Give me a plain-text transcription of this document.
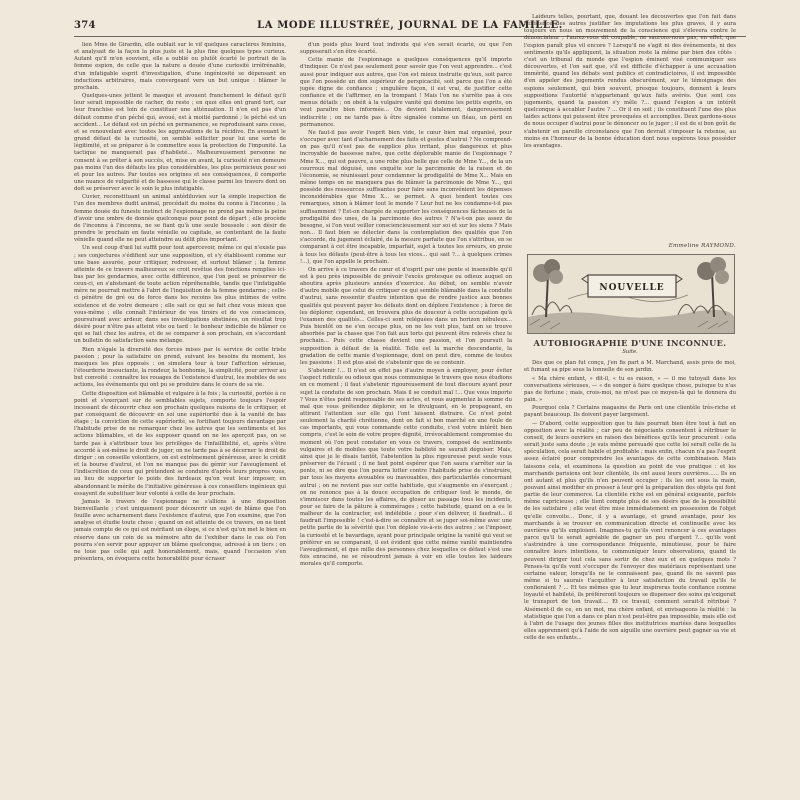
374	LA MODE ILLUSTRÉE, JOURNAL DE LA FAMILLE.

lien Mme de Girardin, elle oublait sur le vif quelques caractères féminins, et analysait de la façon la plus juste et la plus fine quelques types curieux. Autant qu'il m'en souvient, elle a oublié ou plutôt écarté le portrait de la femme espion, de celle que la nature a douée d'une curiosité irréfrénable, d'un infatigable esprit d'investigation, d'une ingéniosité se dépensant en inductions arbitraires, mais convergeant vers un but unique : blâmer le prochain.

Quelques-unes jettent le masque et avouent franchement le défaut qu'il leur serait impossible de cacher, du reste ; en quoi elles ont grand tort, car leur franchise est loin de constituer une atténuation. Il n'en est pas d'un défaut comme d'un péché qui, avoué, est à moitié pardonné ; le péché est un accident... Le défaut est un péché en permanence, se reproduisant sans cesse, et se renouvelant avec toutes les aggravations de la récidive. En avouant le grand défaut de la curiosité, on semble solliciter pour lui une sorte de légitimité, et se préparer à le commettre sous la protection de l'impunité. La tactique ne manquerait pas d'habileté... Malheureusement personne ne consent à se prêter à son succès, et, mise en avant, la curiosité n'en demeure pas moins l'un des défauts les plus considérables, les plus pernicieux pour soi et pour les autres. Par toutes ses origines et ses conséquences, il comporte une nuance de vulgarité et de bassesse qui le classe parmi les travers dont on doit se préserver avec le soin le plus infatigable.

Cuvier, reconstituant un animal antédiluvien sur la simple inspection de l'un des membres dudit animal, procédait du moins du connu à l'inconnu ; la femme douée du funeste instinct de l'espionnage ne prend pas même la peine d'avoir une ombre de donnée quelconque pour point de départ ; elle procède de l'inconnu à l'inconnu, ne se fiant qu'à une seule boussole : son désir de prendre le prochain en faute vénielle ou capitale, se contentant de la faute vénielle quand elle ne peut atteindre au délit plus important.

Un seul coup d'œil lui suffit pour tout apercevoir, même ce qui n'existe pas ; ses conjectures s'édifient sur une supposition, et s'y établissent comme sur une base assurée, pour critiquer, redresser, et surtout blâmer ; la femme atteinte de ce travers malheureux se croit revêtue des fonctions remplies ici-bas par les gendarmes, avec cette différence, que l'on peut se préserver de ceux-ci, en s'abstenant de toute action répréhensible, tandis que l'infatigable mère ne pourrait mettre à l'abri de l'inquisition de la femme gendarme ; celle-ci pénètre de gré ou de force dans les recoins les plus intimes de votre existence et de votre demeure ; elle sait ce qui se fait chez vous mieux que vous-même ; elle connaît l'intérieur de vos tiroirs et de vos consciences, poursuivant avec ardeur, dans ses investigations obstinées, un résultat trop désiré pour n'être pas atteint vite ou tard : le bonheur indicible de blâmer ce qui se fait chez les autres, et de se comparer à son prochain, en s'accordant un bulletin de satisfaction sans mélange.

Rien n'égale la diversité des forces mises par le service de cette triste passion ; pour la satisfaire on prend, suivant les besoins du moment, les masques les plus opposés : on simulera tour à tour l'affection sérieuse, l'étourderie insouciante, la rondeur, la bonhomie, la simplicité, pour arriver au but convoité : connaître les rouages de l'existence d'autrui, les mobiles de ses actions, les événements qui ont pu se produire dans le cours de sa vie.

Cette disposition est blâmable et vulgaire à la fois ; la curiosité, portée à ce point et s'exerçant sur de semblables sujets, comporte toujours l'espoir incessant de découvrir chez son prochain quelques raisons de le critiquer, et par conséquent de découvrir en soi une supériorité due à la vanité de bas étage ; la conviction de cette supériorité, se fortifiant toujours davantage par l'habitude prise de ne remarquer chez les autres que les sentiments et les actions blâmables, et de les supposer quand on ne les aperçoit pas, on se tarde pas à s'attribuer tous les privilèges de l'infaillibilité, et, après s'être accordé à soi-même le droit de juger, on ne tarde pas à se décerner le droit de diriger ; on conseille volontiers, on est extrêmement généreuse, avec le crédit et la bourse d'autrui, et l'on ne manque pas de gémir sur l'aveuglement et l'indiscrétion de ceux qui prétendent se conduire d'après leurs propres vues, au lieu de supporter le poids des fardeaux qu'on veut leur imposer, en abandonnant le mérite de l'initiative généreuse à ces conseillers ingénieux qui essayent de substituer leur volonté à celle de leur prochain.

Jamais le travers de l'espionnage ne s'allions à une disposition bienveillante ; c'est uniquement pour découvrir un sujet de blâme que l'on fouille avec acharnement dans l'existence d'autrui, que l'on examine, que l'on analyse et étudie toute chose ; quand on est atteinte de ce travers, on ne tient jamais compte de ce qui est méritant un éloge, si ce n'est qu'on met le bien en réserve dans un coin de sa mémoire afin de l'exhiber dans le cas où l'on pourra s'en servir pour appuyer un blâme quelconque, adressé à un tiers ; on ne loue pas celle qui agit honorablement, mais, quand l'occasion s'en présentera, on évoquera cette honorabilité pour écraser

d'un poids plus lourd tout individu qui s'en serait écarté, ou que l'on supposerait s'en être écarté.

Cette manie de l'espionnage a quelques conséquences qu'il importe d'indiquer. Ce n'est pas seulement pour savoir que l'on veut apprendre... c'est aussi pour indiquer aux autres, que l'on est mieux instruite qu'eux, soit parce que l'on possède un don supérieur de perspicacité, soit parce que l'on a été jugée digne de confiance ; singulière façon, il est vrai, de justifier cette confiance et de l'affirmer, en la trompant ! Mais l'on ne s'arrête pas à ces menus détails ; on obéit à la vulgaire vanité qui domine les petits esprits, on veut paraître bien informée... On devient fatalement, dangereusement indiscrète ; on ne tarde pas à être signalée comme un fléau, un péril en permanence.

Ne faut-il pas avoir l'esprit bien vide, le cœur bien mal organisé, pour s'occuper avec tant d'acharnement des faits et gestes d'autrui ? Ne comprend-on pas qu'il n'est pas de supplice plus irritant, plus dangereux et plus incroyable de bassesse naïve, que cette déplorable manie de l'espionnage ? Mme X..., qui est pauvre, a une robe plus belle que celle de Mme Y..., de la un courroux mal déguisé, une enquête sur la parcimonie de la raison et de l'économie, se réunissant pour condamner la prodigalité de Mme X... Mais en même temps on ne manquera pas de blâmer la parcimonie de Mme Y..., qui possède des ressources suffisantes pour faire sans inconvénient les dépenses inconsidérables que Mme X... se permet. A quoi tendent toutes ces remarques, sinon à blâmer tout le monde ? Leur but ne les condamne-t-il pas suffisamment ? Est-on chargée de supporter les conséquences fâcheuses de la prodigalité des unes, de la parcimonie des autres ? N'a-t-on pas assez de besogne, si l'on veut veiller consciencieusement sur soi et sur les siens ? Mais non... Il faut bien se délecter dans la contemplation des qualités que l'on s'accorde, du jugement éclairé, de la mesure parfaite que l'on s'attribue, en se comparant à cet être incapable, imparfait, sujet à toutes les erreurs, en proie à tous les défauts (peut-être à tous les vices... qui sait ?... à quelques crimes !...), que l'on appelle le prochain.

On arrive à ce travers de cœur et d'esprit par une pente si insensible qu'il est à peu près impossible de prévoir l'excès grotesque ou odieux auquel on aboutira après plusieurs années d'exercice. Au début, on semble n'avoir d'autre mobile que celui de critiquer ce qui semble blâmable dans la conduite d'autrui, sans ressentir d'autre intention que de rendre justice aux bonnes qualités qui peuvent payer les défauts dont on déplore l'existence ; à force de les déplorer, cependant, on trouvera plus de douceur à cette occupation qu'à l'examen des qualités... Celles-ci sont reléguées dans un horizon nébuleux... Puis bientôt on ne s'en occupe plus, on ne les voit plus, tant on se trouve absorbée par la chasse que l'on fait aux torts qui peuvent être relevés chez le prochain... Puis cette chasse devient une passion, et l'on poursuit la supposition à défaut de la réalité. Telle est la marche descendante, la gradation de cette manie d'espionnage, dont on peut dire, comme de toutes les passions : Il est plus aisé de s'abstenir que de se contenir.

S'abstenir !... Il n'est on effet pas d'autre moyen à employer, pour éviter l'aspect ridicule ou odieux que nous communique le travers que nous étudions en ce moment ; il faut s'abstenir rigoureusement de tout discours ayant pour sujet la conduite de son prochain. Mais il se conduit mal !... Que vous importe ? Vous n'êtes point responsable de ses actes, et vous augmentez la somme du mal que vous prétendez déplorer, en le divulguant, en le propageant, en attirant l'attention sur elle qui l'ont laissent distraire. Ce n'est point seulement la charité chrétienne, dont on fait si bon marché en une foule de cas importants, qui vous commande cette conduite, c'est votre intérêt bien compris, c'est le soin de votre propre dignité, irrévocablement compromise du moment où l'on peut constater en vous ce travers, composé de sentiments vulgaires et de mobiles que toute votre habileté ne saurait déguiser. Mais, ainsi que je le disais tantôt, l'abstention la plus rigoureuse peut seule vous préserver de l'écueil ; il ne faut point espérer que l'on saura s'arrêter sur la pente, ni se dire que l'on pourra lutter contre l'habitude prise de s'instruire, par tous les moyens avouables ou inavouables, des particularités concernant autrui ; on ne revient pas sur cette habitude, qui s'augmente en s'exerçant ; on ne renonce pas à la douce occupation de critiquer tout le monde, de s'immiscer dans toutes les affaires, de gloser au passage tous les incidents, pour se faire de la pâture à commérages ; cette habitude, quand on a eu le malheur de la contracter, est indélébile ; pour s'en délivrer, il faudrait... il faudrait l'impossible ! c'est-à-dire se connaître et se juger soi-même avec une petite partie de la sévérité que l'on déploie vis-à-vis des autres ; se l'imposer, la curiosité et le bavardage, ayant pour principale origine la vanité qui veut se préférer en se comparant, il est évident que cette même vanité maintiendra l'aveuglement, et que mille des personnes chez lesquelles ce défaut s'est une fois enraciné, ne se résoudront jamais à voir en elle toutes les laideurs morales qu'il comporte.

Laideurs telles, pourtant, que, douant les découvertes que l'on fait dans l'existence des autres justifier les imputations les plus graves, il y aura toujours en nous un mouvement de la conscience qui s'élevera contre le dénonciateur ; l'aurez-vous dit coupable, ne saurons-nous pas, en effet, que l'espion paraît plus vil encore ? Lorsqu'il ne s'agit ni des événements, ni des sentiments qu'ils appliquent, la situation reste la même par bien des côtés : c'est un tribunal du monde que l'espion éminent visé communiquer ses découvertes, et l'on sait que, s'il est difficile d'échapper à une accusation immérité, quand les débats sont publics et contradictoires, il est impossible d'en appeler des jugements rendus obscurément, sur le témoignage des espions seulement, qui bien souvent, presque toujours, donnent à leurs suppositions l'autorité n'appartenant qu'aux faits avérés. Que sont ces jugements, quand la passion s'y mêle ?... quand l'espion a un intérêt quelconque à accabler l'autre ? ... Or il en soit ; ils constituent l'une des plus laides actions qui puissent être provoquées et accomplies. Deux gardons-nous de nous occuper d'autrui pour le dénoncer ou le juger ; il est de si bon goût de s'abstenir en pareille circonstance que l'on devrait s'imposer la retenue, au moins en l'honneur de la bonne éducation dont nous espérons tous posséder les avantages.

Emmeline RAYMOND.
NOUVELLE
AUTOBIOGRAPHIE D'UNE INCONNUE.
Suite.

Dès que ce plan fut conçu, j'en fis part à M. Marchand, assis près de moi, et fumant sa pipe sous la tonnelle de son jardin.

« Ma chère enfant, » dit-il, « tu es raison, » — il me tutoyait dans les conversations sérieuses, — « de songer à faire quelque chose, puisque tu n'as pas de fortune ; mais, crois-moi, ne m'est pas ce moyen-là qui te donnera du pain. »

Pourquoi cela ? Certains magasins de Paris ont une clientèle très-riche et payant beaucoup. Ils doivent payer largement.

— D'abord, cette supposition que tu fais pourrait bien être tout à fait en opposition avec la réalité ; car peu de négociants consentent à rétribuer le conseil, de leurs ouvriers en raison des bénéfices qu'ils leur procurent : cela serait juste sans doute ; je suis même persuadé que cette loi serait celle de la spéculation, cela serait habile et profitable ; mais enfin, chacun n'a pas l'esprit assez éclairé pour comprendre les avantages de cette combinaison. Mais laissons cela, et examinons la question au point de vue pratique : et les marchands parisiens ont leur clientèle, ils ont aussi leurs ouvrières...... Ils en ont autant et plus qu'ils n'en peuvent occuper ; ils les ont sous la main, pouvant ainsi modifier en presser à leur gré la préparation des objets qui font partie de leur commerce. La clientèle riche est en général exigeante, parfois même capricieuse ; elle tient compte plus de ses désirs que de la possibilité de les satisfaire ; elle veut être mise immédiatement en possession de l'objet qu'elle convoite... Donc, il y a avantage, et grand avantage, pour les marchands à se trouver en communication directe et continuelle avec les ouvrières qu'ils emploient. Imagines-tu qu'ils vont renoncer à ces avantages parce qu'il te serait agréable de gagner un peu d'argent ?... qu'ils vont s'astreindre à une correspondance fréquente, minutieuse, pour te faire connaître leurs intentions, te communiquer leurs observations, quand ils peuvent diriger tout cela sans sortir de chez eux et en quelques mots ? Penses-tu qu'ils vont s'occuper de l'envoyer des matériaux représentant une certaine valeur, lorsqu'ils ne te connaissent pas, quand ils ne savent pas même si tu saurais t'acquitter à leur satisfaction du travail qu'ils te confieraient ? ... Et tes mêmes que tu leur inspireras toute confiance comme loyauté et habileté, ils préféreront toujours se dispenser des soins qu'exigerait le transport de ton travail.... Et ce travail, comment serait-il rétribué ? Aisément-il de ce, en un mot, ma chère enfant, et envisageons la réalité : la statistique que l'on a dans ce plan n'est peut-être pas impossible, mais elle est à l'abri de l'usage des jeunes filles des institutrices mariées dans lesquelles elles apprennent qu'à l'aide de son aiguille une ouvrière peut gagner sa vie et celle de ses enfants...
